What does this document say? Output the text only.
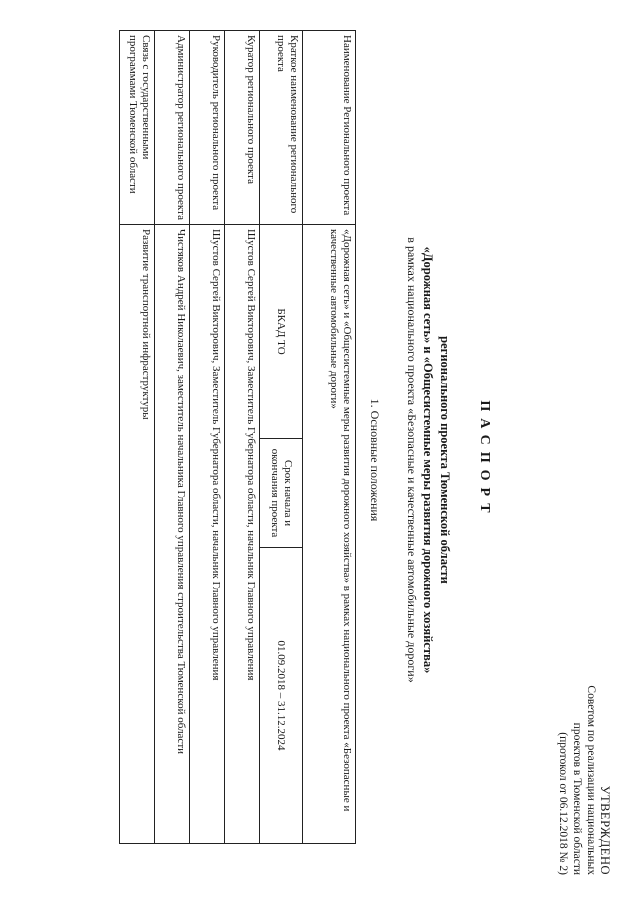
УТВЕРЖДЕНО
Советом по реализации национальных
проектов в Тюменской области
(протокол от 06.12.2018 № 2)
ПАСПОРТ
регионального проекта Тюменской области
«Дорожная сеть» и «Общесистемные меры развития дорожного хозяйства»
в рамках национального проекта «Безопасные и качественные автомобильные дороги»
1. Основные положения
Наименование Регионального проекта	«Дорожная сеть» и «Общесистемные меры развития дорожного хозяйства» в рамках национального проекта «Безопасные и качественные автомобильные дороги»		
Краткое наименование регионального проекта	БКАД ТО	Срок начала и окончания проекта	01.09.2018 – 31.12.2024
Куратор регионального проекта	Шустов Сергей Викторович, Заместитель Губернатора области, начальник Главного управления		
Руководитель регионального проекта	Шустов Сергей Викторович, Заместитель Губернатора области, начальник Главного управления		
Администратор регионального проекта	Чистяков Андрей Николаевич, заместитель начальника Главного управления строительства Тюменской области		
Связь с государственными программами Тюменской области	Развитие транспортной инфраструктуры		
